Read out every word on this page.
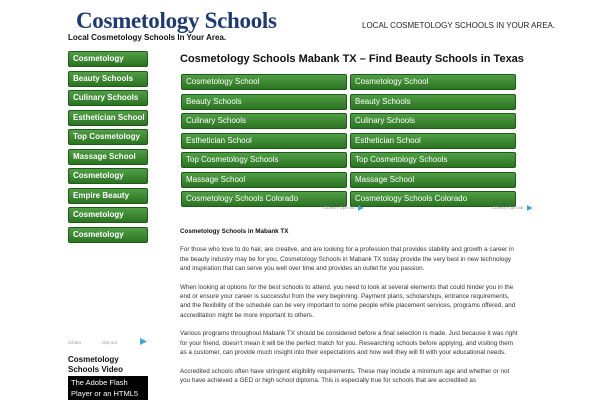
Cosmetology Schools
Local Cosmetology Schools In Your Area.
LOCAL COSMETOLOGY SCHOOLS IN YOUR AREA.
Cosmetology
Beauty Schools
Culinary Schools
Esthetician School
Top Cosmetology
Massage School
Cosmetology
Empire Beauty
Cosmetology
Cosmetology
Ciblea	Opt-out
Cosmetology Schools Video
The Adobe Flash Player or an HTML5 supported
Cosmetology Schools Mabank TX – Find Beauty Schools in Texas
Cosmetology School
Beauty Schools
Culinary Schools
Esthetician School
Top Cosmetology Schools
Massage School
Cosmetology Schools Colorado
Cosmetology School
Beauty Schools
Culinary Schools
Esthetician School
Top Cosmetology Schools
Massage School
Cosmetology Schools Colorado
Ciblea | Opt-out	Ciblea | Opt-out
Cosmetology Schools in Mabank TX

For those who love to do hair, are creative, and are looking for a profession that provides stability and growth a career in the beauty industry may be for you. Cosmetology Schools in Mabank TX today provide the very best in new technology and inspiration that can serve you well over time and provides an outlet for you passion.

When looking at options for the best schools to attend, you need to look at several elements that could hinder you in the end or ensure your career is successful from the very beginning. Payment plans, scholarships, entrance requirements, and the flexibility of the schedule can be very important to some people while placement services, programs offered, and accreditation might be more important to others.

Various programs throughout Mabank TX should be considered before a final selection is made. Just because it was right for your friend, doesn't mean it will be the perfect match for you. Researching schools before applying, and visiting them as a customer, can provide much insight into their expectations and how well they will fit with your educational needs.

Accredited schools often have stringent eligibility requirements. These may include a minimum age and whether or not you have achieved a GED or high school diploma. This is especially true for schools that are accredited as
